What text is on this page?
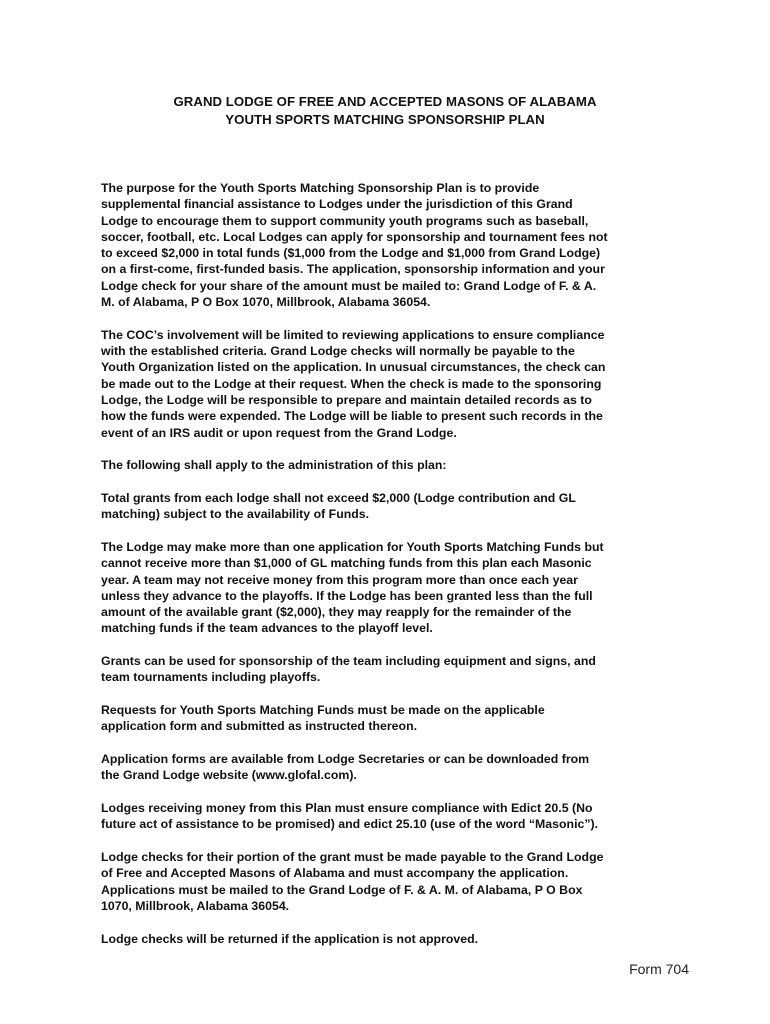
GRAND LODGE OF FREE AND ACCEPTED MASONS OF ALABAMA
YOUTH SPORTS MATCHING SPONSORSHIP PLAN
The purpose for the Youth Sports Matching Sponsorship Plan is to provide
supplemental financial assistance to Lodges under the jurisdiction of this Grand
Lodge to encourage them to support community youth programs such as baseball,
soccer, football, etc. Local Lodges can apply for sponsorship and tournament fees not
to exceed $2,000 in total funds ($1,000 from the Lodge and $1,000 from Grand Lodge)
on a first-come, first-funded basis. The application, sponsorship information and your
Lodge check for your share of the amount must be mailed to: Grand Lodge of F. & A.
M. of Alabama, P O Box 1070, Millbrook, Alabama 36054.
The COC’s involvement will be limited to reviewing applications to ensure compliance
with the established criteria. Grand Lodge checks will normally be payable to the
Youth Organization listed on the application. In unusual circumstances, the check can
be made out to the Lodge at their request. When the check is made to the sponsoring
Lodge, the Lodge will be responsible to prepare and maintain detailed records as to
how the funds were expended. The Lodge will be liable to present such records in the
event of an IRS audit or upon request from the Grand Lodge.
The following shall apply to the administration of this plan:
Total grants from each lodge shall not exceed $2,000 (Lodge contribution and GL
matching) subject to the availability of Funds.
The Lodge may make more than one application for Youth Sports Matching Funds but
cannot receive more than $1,000 of GL matching funds from this plan each Masonic
year. A team may not receive money from this program more than once each year
unless they advance to the playoffs. If the Lodge has been granted less than the full
amount of the available grant ($2,000), they may reapply for the remainder of the
matching funds if the team advances to the playoff level.
Grants can be used for sponsorship of the team including equipment and signs, and
team tournaments including playoffs.
Requests for Youth Sports Matching Funds must be made on the applicable
application form and submitted as instructed thereon.
Application forms are available from Lodge Secretaries or can be downloaded from
the Grand Lodge website (www.glofal.com).
Lodges receiving money from this Plan must ensure compliance with Edict 20.5 (No
future act of assistance to be promised) and edict 25.10 (use of the word “Masonic”).
Lodge checks for their portion of the grant must be made payable to the Grand Lodge
of Free and Accepted Masons of Alabama and must accompany the application.
Applications must be mailed to the Grand Lodge of F. & A. M. of Alabama, P O Box
1070, Millbrook, Alabama 36054.
Lodge checks will be returned if the application is not approved.
Form 704
